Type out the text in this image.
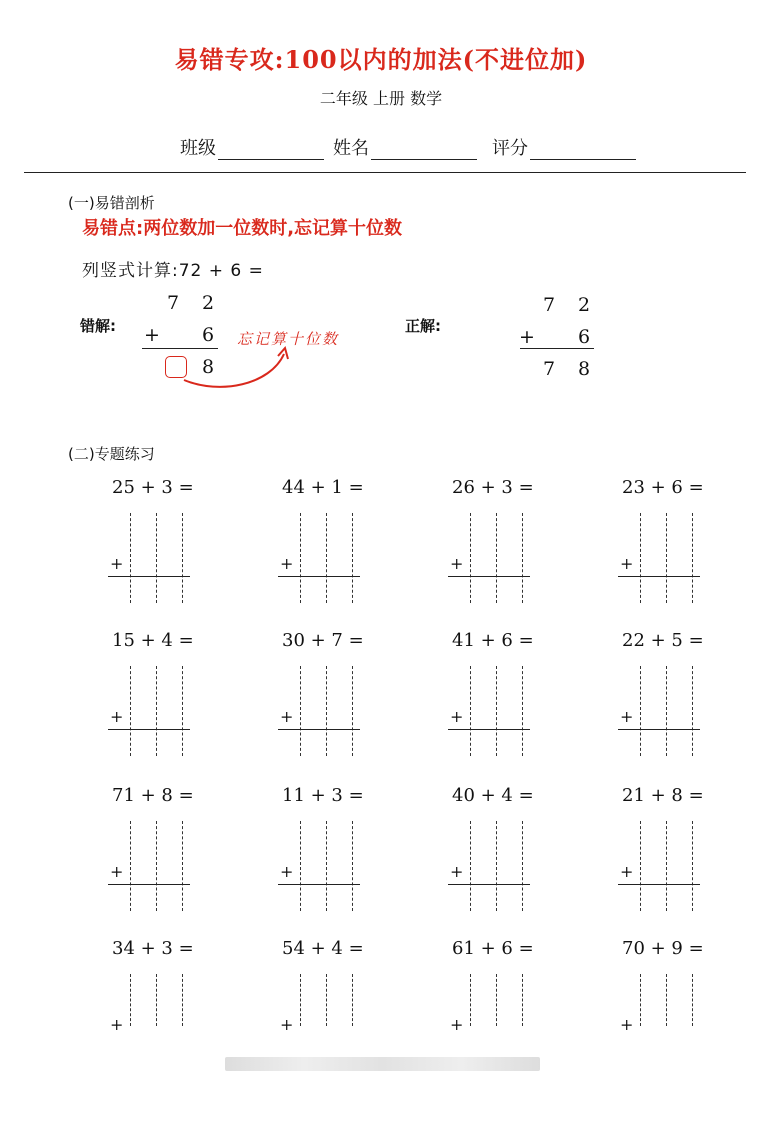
易错专攻:100以内的加法(不进位加)
二年级 上册 数学
班级	姓名	评分
(一)易错剖析
易错点:两位数加一位数时,忘记算十位数
列竖式计算:72 + 6 =
错解:
7 2
+ 6
8
忘记算十位数
正解:
7 2
+ 6
7 8
(二)专题练习
25 + 3 =
+
44 + 1 =
+
26 + 3 =
+
23 + 6 =
+
15 + 4 =
+
30 + 7 =
+
41 + 6 =
+
22 + 5 =
+
71 + 8 =
+
11 + 3 =
+
40 + 4 =
+
21 + 8 =
+
34 + 3 =
+
54 + 4 =
+
61 + 6 =
+
70 + 9 =
+
